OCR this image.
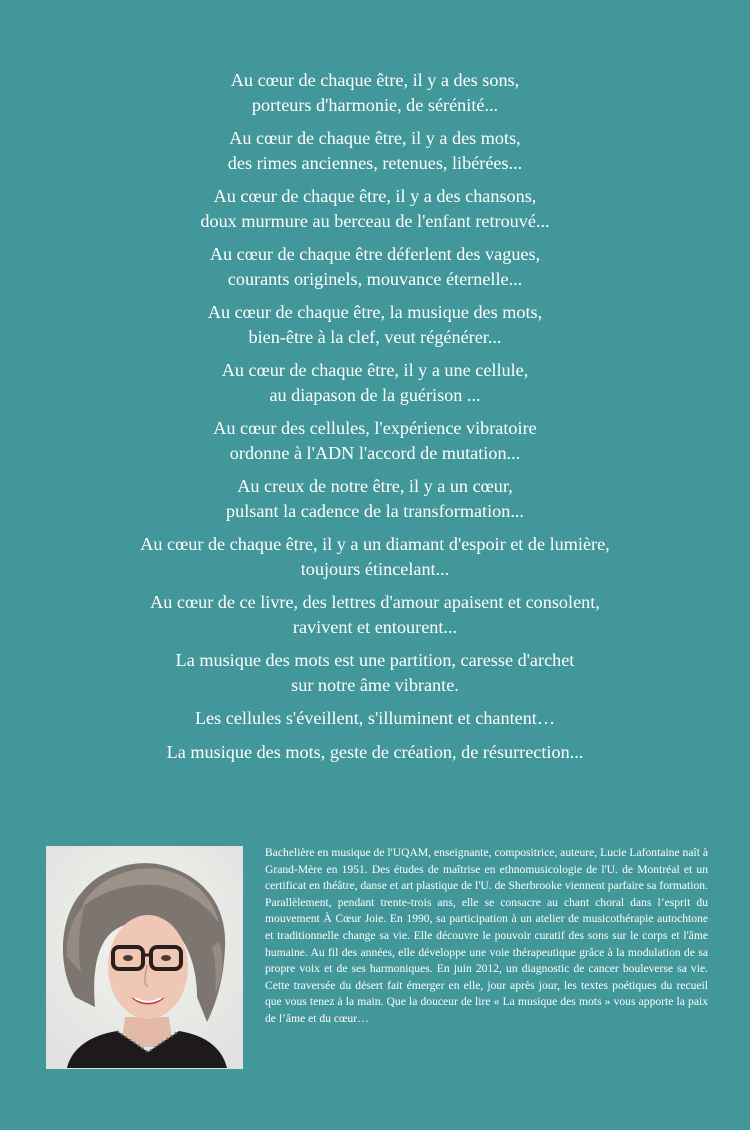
Au cœur de chaque être, il y a des sons,
porteurs d'harmonie, de sérénité...
Au cœur de chaque être, il y a des mots,
des rimes anciennes, retenues, libérées...
Au cœur de chaque être, il y a des chansons,
doux murmure au berceau de l'enfant retrouvé...
Au cœur de chaque être déferlent des vagues,
courants originels, mouvance éternelle...
Au cœur de chaque être, la musique des mots,
bien-être à la clef, veut régénérer...
Au cœur de chaque être, il y a une cellule,
au diapason de la guérison ...
Au cœur des cellules, l'expérience vibratoire
ordonne à l'ADN l'accord de mutation...
Au creux de notre être, il y a un cœur,
pulsant la cadence de la transformation...
Au cœur de chaque être, il y a un diamant d'espoir et de lumière,
toujours étincelant...
Au cœur de ce livre, des lettres d'amour apaisent et consolent,
ravivent et entourent...
La musique des mots est une partition, caresse d'archet
sur notre âme vibrante.
Les cellules s'éveillent, s'illuminent et chantent…
La musique des mots, geste de création, de résurrection...
Bachelière en musique de l'UQAM, enseignante, compositrice, auteure, Lucie Lafontaine naît à Grand-Mère en 1951. Des études de maîtrise en ethnomusicologie de l'U. de Montréal et un certificat en théâtre, danse et art plastique de l'U. de Sherbrooke viennent parfaire sa formation. Parallèlement, pendant trente-trois ans, elle se consacre au chant choral dans l’esprit du mouvement À Cœur Joie. En 1990, sa participation à un atelier de musicothérapie autochtone et traditionnelle change sa vie. Elle découvre le pouvoir curatif des sons sur le corps et l'âme humaine. Au fil des années, elle développe une voie thérapeutique grâce à la modulation de sa propre voix et de ses harmoniques. En juin 2012, un diagnostic de cancer bouleverse sa vie. Cette traversée du désert fait émerger en elle, jour après jour, les textes poétiques du recueil que vous tenez à la main. Que la douceur de lire « La musique des mots » vous apporte la paix de l’âme et du cœur…
